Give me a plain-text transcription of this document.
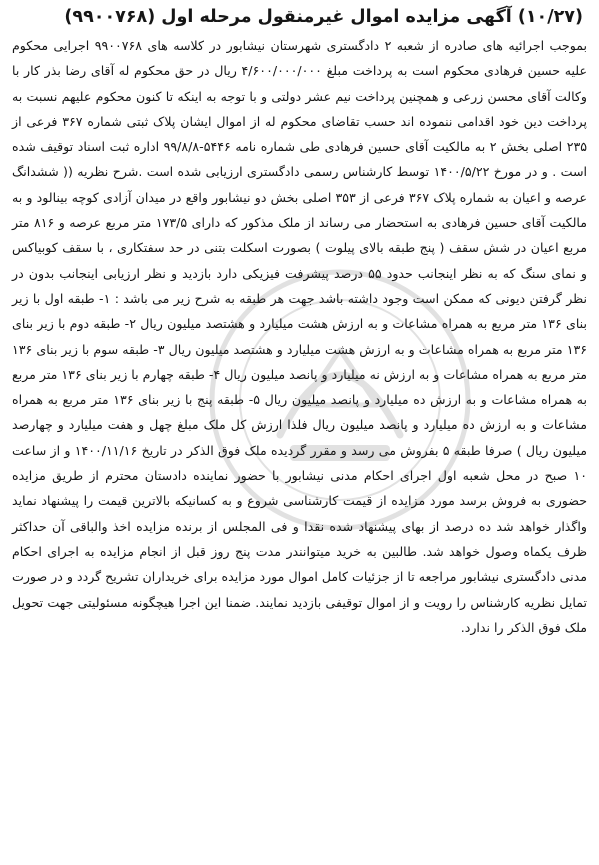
(۱۰/۲۷) آگهی مزایده اموال غیرمنقول مرحله اول (۹۹۰۰۷۶۸)

بموجب اجرائیه های صادره از شعبه ۲ دادگستری شهرستان نیشابور در کلاسه های ۹۹۰۰۷۶۸ اجرایی محکوم علیه حسین فرهادی محکوم است به پرداخت مبلغ ۴/۶۰۰/۰۰۰/۰۰۰ ریال در حق محکوم له آقای رضا بذر کار با وکالت آقای محسن زرعی و همچنین پرداخت نیم عشر دولتی و با توجه به اینکه تا کنون محکوم علیهم نسبت به پرداخت دین خود اقدامی ننموده اند حسب تقاضای محکوم له از اموال ایشان پلاک ثبتی شماره ۳۶۷ فرعی از ۲۳۵ اصلی بخش ۲ به مالکیت آقای حسین فرهادی طی شماره نامه ۵۴۴۶-۹۹/۸/۸ اداره ثبت اسناد توقیف شده است . و در مورخ ۱۴۰۰/۵/۲۲ توسط کارشناس رسمی دادگستری ارزیابی شده است .شرح نظریه (( ششدانگ عرصه و اعیان به شماره پلاک ۳۶۷ فرعی از ۳۵۳ اصلی بخش دو نیشابور واقع در میدان آزادی کوچه بینالود و به مالکیت آقای حسین فرهادی به استحضار می رساند از ملک مذکور که دارای ۱۷۳/۵ متر مربع عرصه و ۸۱۶ متر مربع اعیان در شش سقف ( پنج طبقه بالای پیلوت ) بصورت اسکلت بتنی در حد سفتکاری ، با سقف کوبیاکس و نمای سنگ که به نظر اینجانب حدود ۵۵ درصد پیشرفت فیزیکی دارد بازدید و نظر ارزیابی اینجانب بدون در نظر گرفتن دیونی که ممکن است وجود داشته باشد جهت هر طبقه به شرح زیر می باشد : ۱- طبقه اول با زیر بنای ۱۳۶ متر مربع به همراه مشاعات و به ارزش هشت میلیارد و هشتصد میلیون ریال ۲- طبقه دوم با زیر بنای ۱۳۶ متر مربع به همراه مشاعات و به ارزش هشت میلیارد و هشتصد میلیون ریال ۳- طبقه سوم با زیر بنای ۱۳۶ متر مربع به همراه مشاعات و به ارزش نه میلیارد و پانصد میلیون ریال ۴- طبقه چهارم با زیر بنای ۱۳۶ متر مربع به همراه مشاعات و به ارزش ده میلیارد و پانصد میلیون ریال ۵- طبقه پنج با زیر بنای ۱۳۶ متر مربع به همراه مشاعات و به ارزش ده میلیارد و پانصد میلیون ریال فلذا ارزش کل ملک مبلغ چهل و هفت میلیارد و چهارصد میلیون ریال ) صرفا طبقه ۵ بفروش می رسد و مقرر گردیده ملک فوق الذکر در تاریخ ۱۴۰۰/۱۱/۱۶ و از ساعت ۱۰ صبح در محل شعبه اول اجرای احکام مدنی نیشابور با حضور نماینده دادستان محترم از طریق مزایده حضوری به فروش برسد مورد مزایده از قیمت کارشناسی شروع و به کسانیکه بالاترین قیمت را پیشنهاد نماید واگذار خواهد شد ده درصد از بهای پیشنهاد شده نقدا و فی المجلس از برنده مزایده اخذ والباقی آن حداکثر ظرف یکماه وصول خواهد شد. طالبین به خرید میتوانندر مدت پنج روز قبل از انجام مزایده به اجرای احکام مدنی دادگستری نیشابور مراجعه تا از جزئیات کامل اموال مورد مزایده برای خریداران تشریح گردد و در صورت تمایل نظریه کارشناس را رویت و از اموال توقیفی بازدید نمایند. ضمنا این اجرا هیچگونه مسئولیتی جهت تحویل ملک فوق الذکر را ندارد.
